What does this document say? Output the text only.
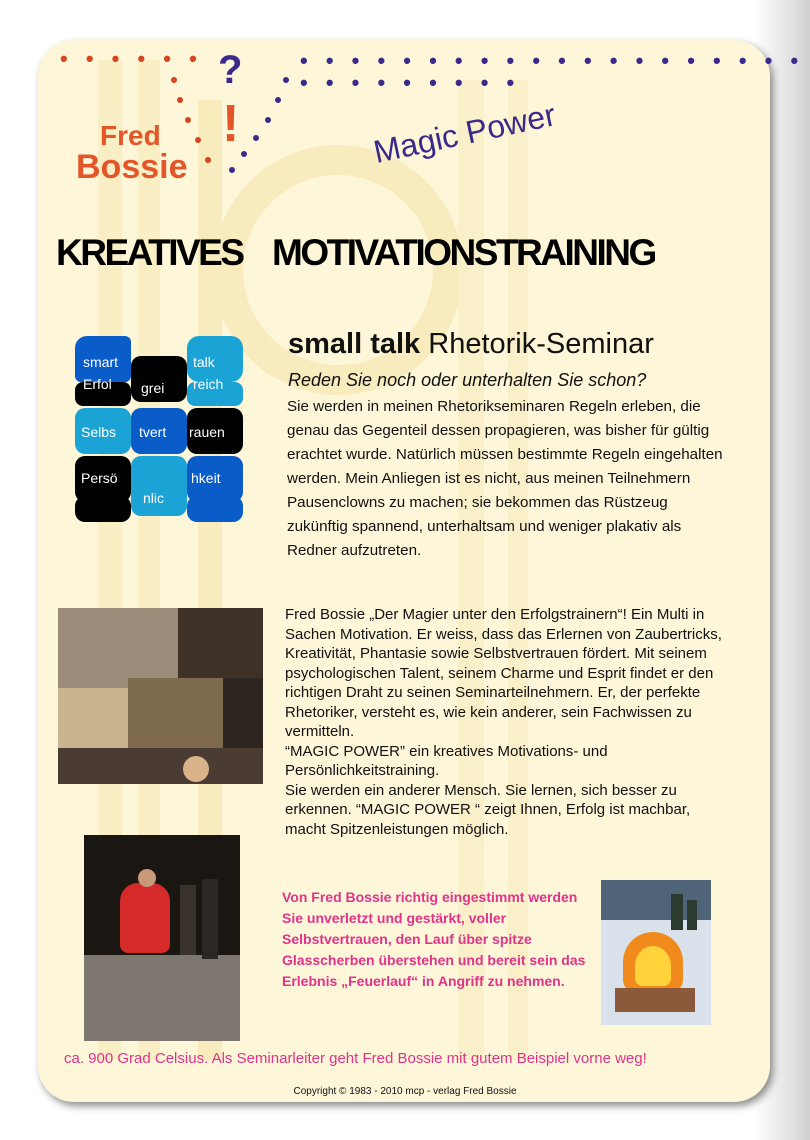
• • • • • •	• • • • • • • • • • • • • • • • • • • • • • • • • • • • •
?
!
Fred
Bossie	Magic Power
KREATIVES MOTIVATIONSTRAINING
smart	talk
Erfol grei reich
Selbs tvert rauen
Persö
nlic
hkeit
small talk Rhetorik-Seminar
Reden Sie noch oder unterhalten Sie schon?
Sie werden in meinen Rhetorikseminaren Regeln erleben, die genau das Gegenteil dessen propagieren, was bisher für gültig erachtet wurde. Natürlich müssen bestimmte Regeln eingehalten werden. Mein Anliegen ist es nicht, aus meinen Teilnehmern Pausenclowns zu machen; sie bekommen das Rüstzeug zukünftig spannend, unterhaltsam und weniger plakativ als Redner aufzutreten.

Fred Bossie „Der Magier unter den Erfolgstrainern“! Ein Multi in Sachen Motivation. Er weiss, dass das Erlernen von Zaubertricks, Kreativität, Phantasie sowie Selbstvertrauen fördert. Mit seinem psychologischen Talent, seinem Charme und Esprit findet er den richtigen Draht zu seinen Seminarteilnehmern. Er, der perfekte Rhetoriker, versteht es, wie kein anderer, sein Fachwissen zu vermitteln.

“MAGIC POWER” ein kreatives Motivations- und Persönlichkeitstraining.

Sie werden ein anderer Mensch. Sie lernen, sich besser zu erkennen. “MAGIC POWER “ zeigt Ihnen, Erfolg ist machbar, macht Spitzenleistungen möglich.

Von Fred Bossie richtig eingestimmt werden Sie unverletzt und gestärkt, voller Selbstvertrauen, den Lauf über spitze Glasscherben überstehen und bereit sein das Erlebnis „Feuerlauf“ in Angriff zu nehmen.
ca. 900 Grad Celsius. Als Seminarleiter geht Fred Bossie mit gutem Beispiel vorne weg!
Copyright © 1983 - 2010 mcp - verlag Fred Bossie
